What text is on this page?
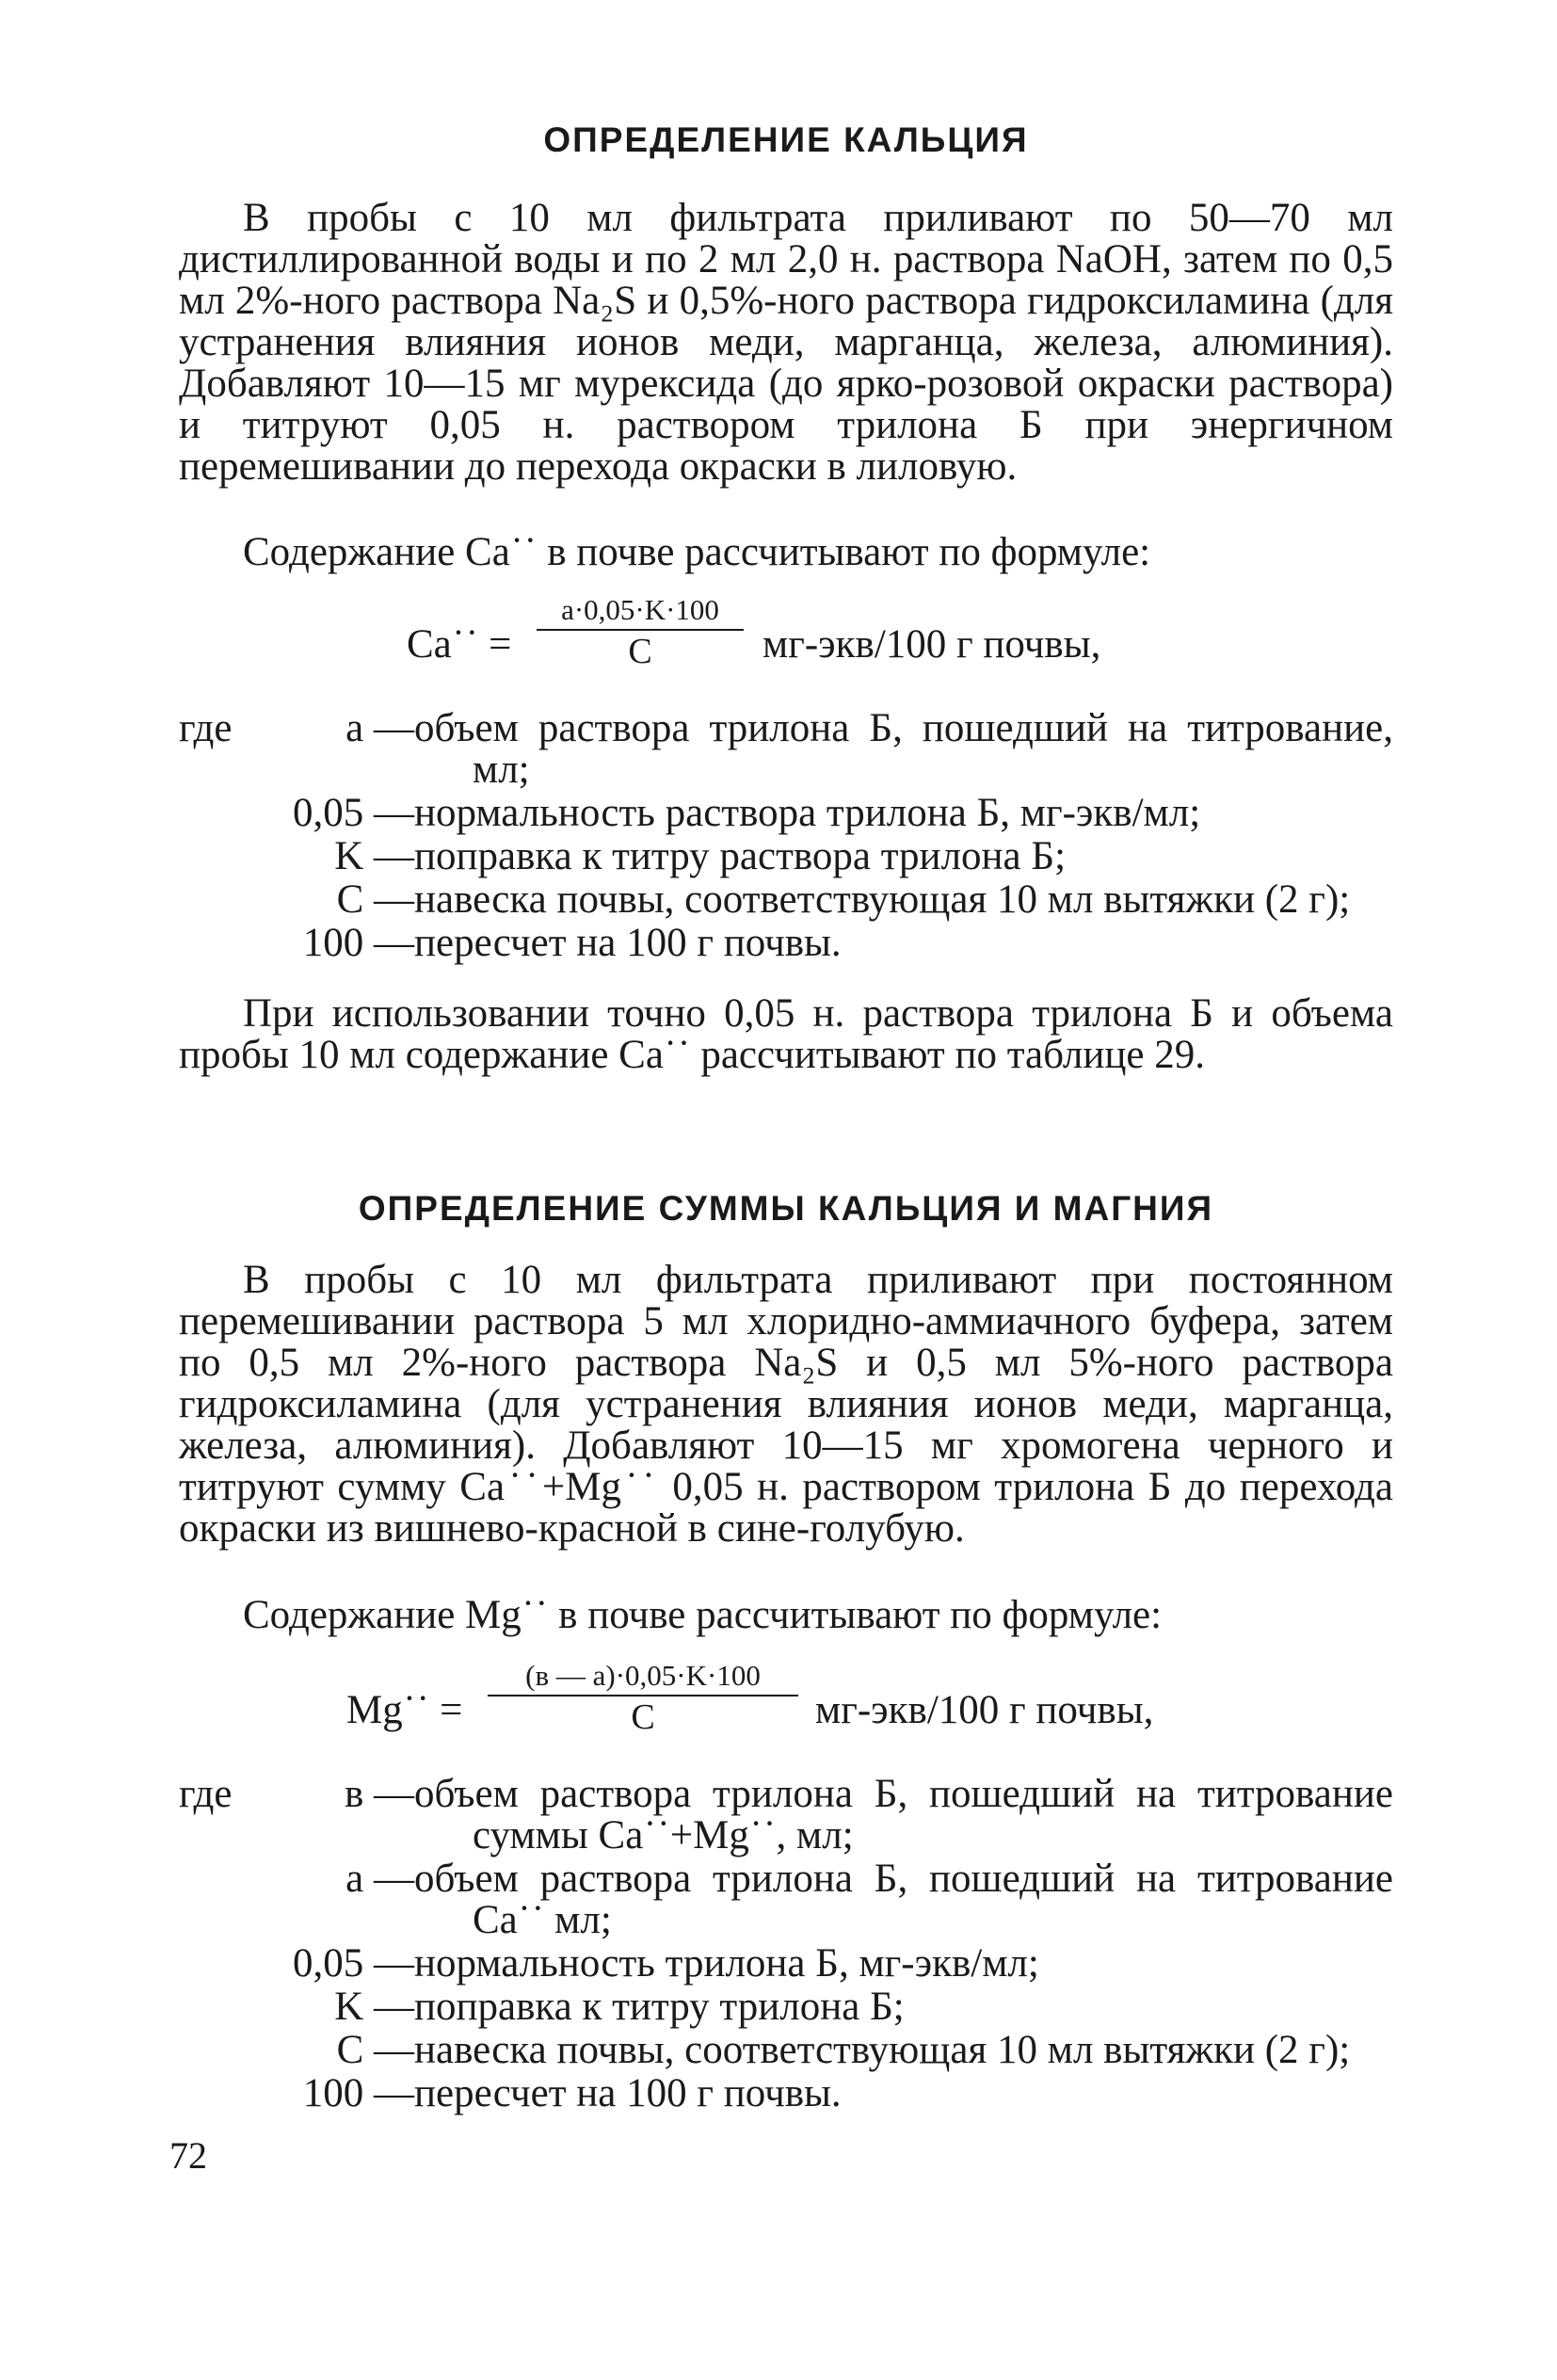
ОПРЕДЕЛЕНИЕ КАЛЬЦИЯ

В пробы с 10 мл фильтрата приливают по 50—70 мл дистиллированной воды и по 2 мл 2,0 н. раствора NaOH, затем по 0,5 мл 2%-ного раствора Na₂S и 0,5%-ного раствора гидроксиламина (для устранения влияния ионов меди, марганца, железа, алюминия). Добавляют 10—15 мг мурексида (до ярко-розовой окраски раствора) и титруют 0,05 н. раствором трилона Б при энергичном перемешивании до перехода окраски в лиловую.

Содержание Ca˙˙ в почве рассчитывают по формуле:

Ca˙˙ =
a·0,05·K·100
C	мг-экв/100 г почвы,
где	a — объем раствора трилона Б, пошедший на титрование, мл;
0,05 — нормальность раствора трилона Б, мг-экв/мл;
K — поправка к титру раствора трилона Б;
C — навеска почвы, соответствующая 10 мл вытяжки (2 г);
100 — пересчет на 100 г почвы.

При использовании точно 0,05 н. раствора трилона Б и объема пробы 10 мл содержание Ca˙˙ рассчитывают по таблице 29.

ОПРЕДЕЛЕНИЕ СУММЫ КАЛЬЦИЯ И МАГНИЯ

В пробы с 10 мл фильтрата приливают при постоянном перемешивании раствора 5 мл хлоридно-аммиачного буфера, затем по 0,5 мл 2%-ного раствора Na₂S и 0,5 мл 5%-ного раствора гидроксиламина (для устранения влияния ионов меди, марганца, железа, алюминия). Добавляют 10—15 мг хромогена черного и титруют сумму Ca˙˙+Mg˙˙ 0,05 н. раствором трилона Б до перехода окраски из вишнево-красной в сине-голубую.

Содержание Mg˙˙ в почве рассчитывают по формуле:

Mg˙˙ =
(в — a)·0,05·K·100
C	мг-экв/100 г почвы,
где	в — объем раствора трилона Б, пошедший на титрование суммы Ca˙˙+Mg˙˙, мл;
a — объем раствора трилона Б, пошедший на титрование Ca˙˙ мл;
0,05 — нормальность трилона Б, мг-экв/мл;
K — поправка к титру трилона Б;
C — навеска почвы, соответствующая 10 мл вытяжки (2 г);
100 — пересчет на 100 г почвы.
72
